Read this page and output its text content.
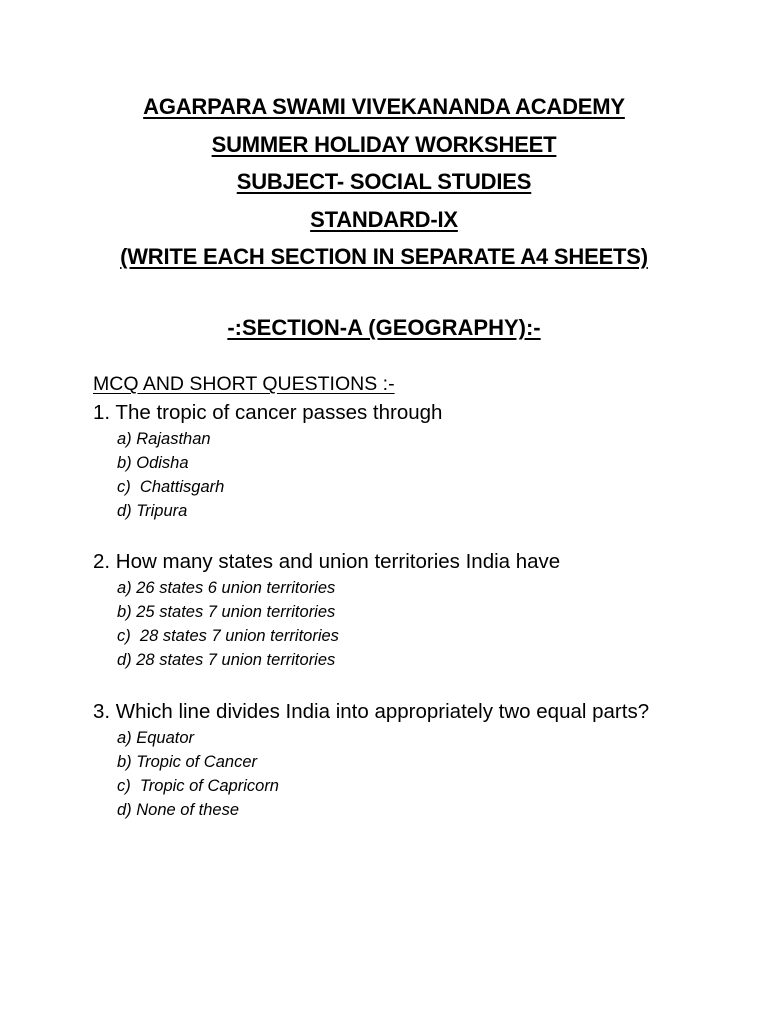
AGARPARA SWAMI VIVEKANANDA ACADEMY
SUMMER HOLIDAY WORKSHEET
SUBJECT- SOCIAL STUDIES
STANDARD-IX
(WRITE EACH SECTION IN SEPARATE A4 SHEETS)
-:SECTION-A (GEOGRAPHY):-
MCQ AND SHORT QUESTIONS :-
1. The tropic of cancer passes through
a) Rajasthan
b) Odisha
c)  Chattisgarh
d) Tripura
2. How many states and union territories India have
a) 26 states 6 union territories
b) 25 states 7 union territories
c)  28 states 7 union territories
d) 28 states 7 union territories
3. Which line divides India into appropriately two equal parts?
a) Equator
b) Tropic of Cancer
c)  Tropic of Capricorn
d) None of these
